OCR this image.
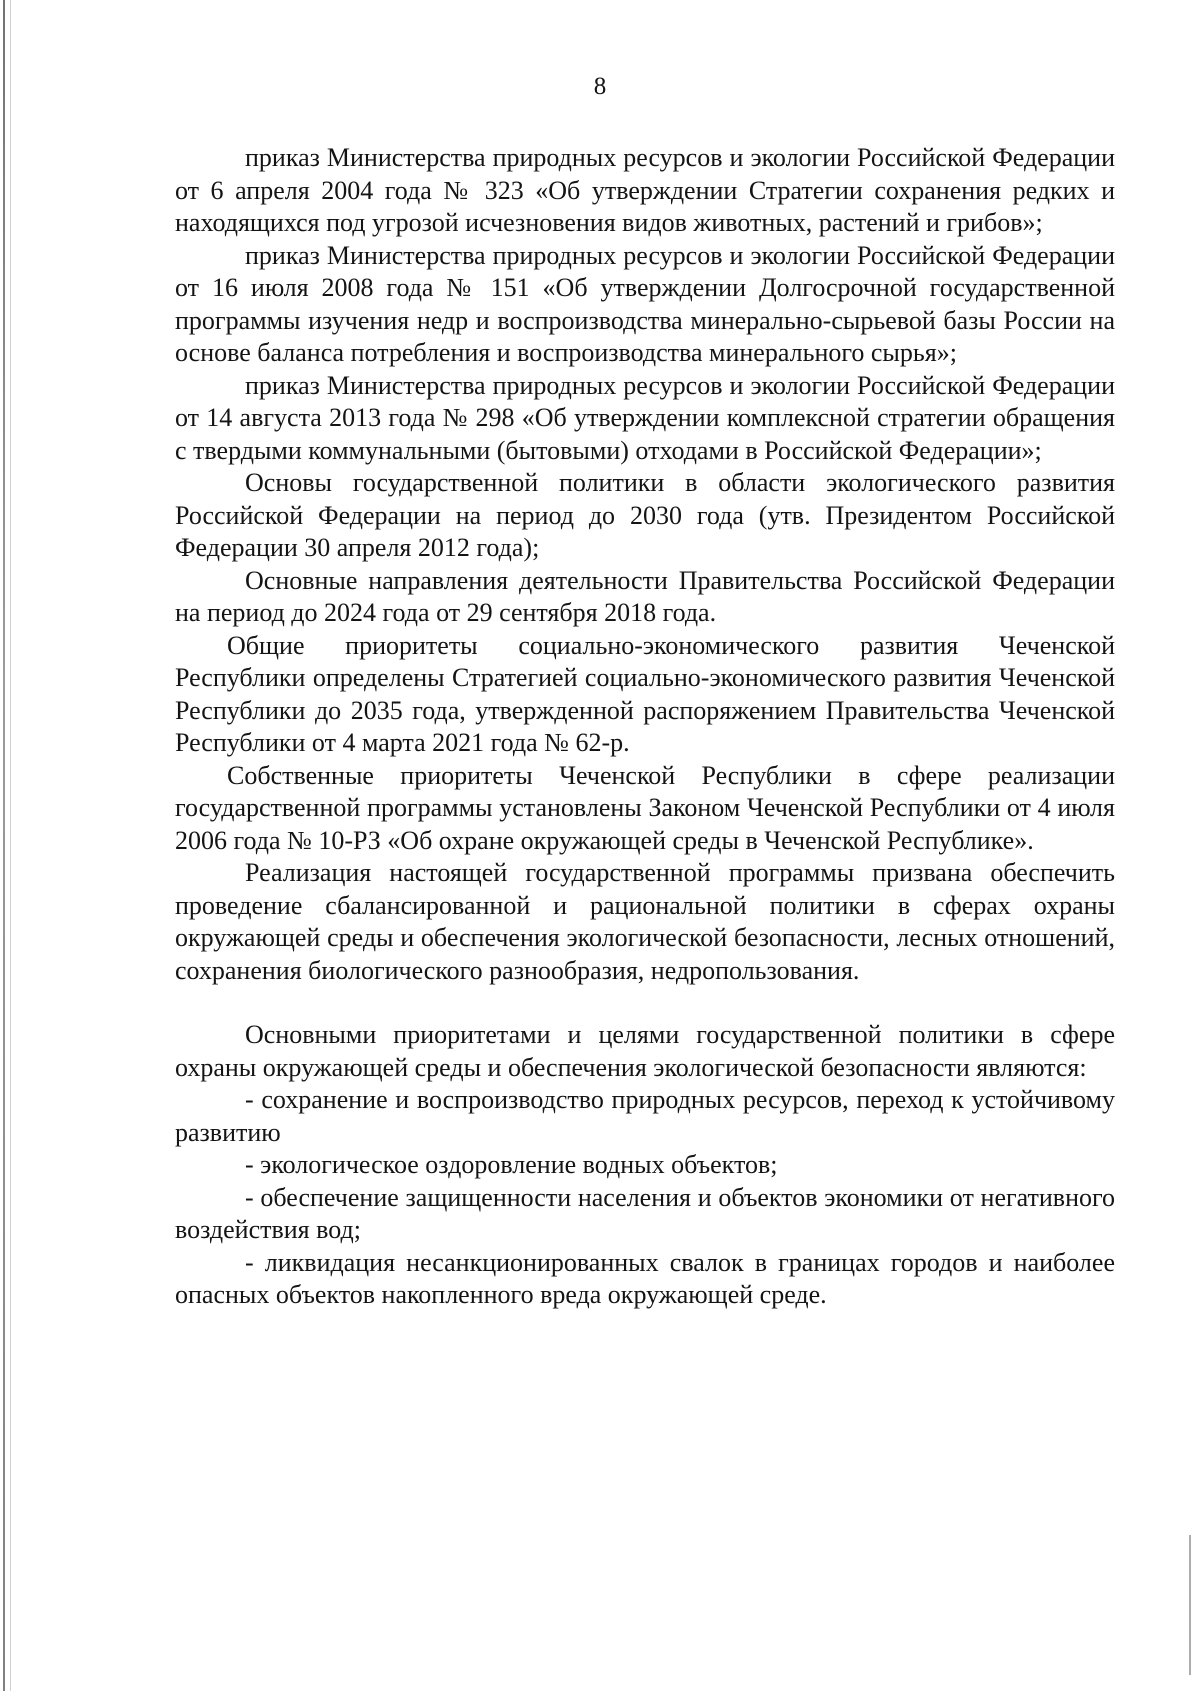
8

приказ Министерства природных ресурсов и экологии Российской Федерации от 6 апреля 2004 года № 323 «Об утверждении Стратегии сохранения редких и находящихся под угрозой исчезновения видов животных, растений и грибов»;

приказ Министерства природных ресурсов и экологии Российской Федерации от 16 июля 2008 года № 151 «Об утверждении Долгосрочной государственной программы изучения недр и воспроизводства минерально-сырьевой базы России на основе баланса потребления и воспроизводства минерального сырья»;

приказ Министерства природных ресурсов и экологии Российской Федерации от 14 августа 2013 года № 298 «Об утверждении комплексной стратегии обращения с твердыми коммунальными (бытовыми) отходами в Российской Федерации»;

Основы государственной политики в области экологического развития Российской Федерации на период до 2030 года (утв. Президентом Российской Федерации 30 апреля 2012 года);

Основные направления деятельности Правительства Российской Федерации на период до 2024 года от 29 сентября 2018 года.

Общие приоритеты социально-экономического развития Чеченской Республики определены Стратегией социально-экономического развития Чеченской Республики до 2035 года, утвержденной распоряжением Правительства Чеченской Республики от 4 марта 2021 года № 62-р.

Собственные приоритеты Чеченской Республики в сфере реализации государственной программы установлены Законом Чеченской Республики от 4 июля 2006 года № 10-РЗ «Об охране окружающей среды в Чеченской Республике».

Реализация настоящей государственной программы призвана обеспечить проведение сбалансированной и рациональной политики в сферах охраны окружающей среды и обеспечения экологической безопасности, лесных отношений, сохранения биологического разнообразия, недропользования.

Основными приоритетами и целями государственной политики в сфере охраны окружающей среды и обеспечения экологической безопасности являются:

- сохранение и воспроизводство природных ресурсов, переход к устойчивому развитию

- экологическое оздоровление водных объектов;

- обеспечение защищенности населения и объектов экономики от негативного воздействия вод;

- ликвидация несанкционированных свалок в границах городов и наиболее опасных объектов накопленного вреда окружающей среде.
